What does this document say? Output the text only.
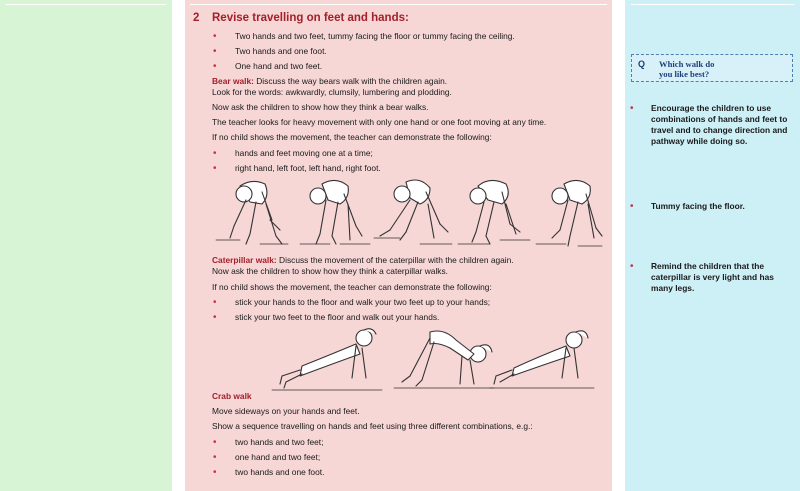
2 Revise travelling on feet and hands:
• Two hands and two feet, tummy facing the floor or tummy facing the ceiling.
• Two hands and one foot.
• One hand and two feet.
Bear walk: Discuss the way bears walk with the children again.
Look for the words: awkwardly, clumsily, lumbering and plodding.
Now ask the children to show how they think a bear walks.
The teacher looks for heavy movement with only one hand or one foot moving at any time.
If no child shows the movement, the teacher can demonstrate the following:
• hands and feet moving one at a time;
• right hand, left foot, left hand, right foot.
Caterpillar walk: Discuss the movement of the caterpillar with the children again.
Now ask the children to show how they think a caterpillar walks.
If no child shows the movement, the teacher can demonstrate the following:
• stick your hands to the floor and walk your two feet up to your hands;
• stick your two feet to the floor and walk out your hands.
Crab walk
Move sideways on your hands and feet.
Show a sequence travelling on hands and feet using three different combinations, e.g.:
• two hands and two feet;
• one hand and two feet;
• two hands and one foot.
Q Which walk do
you like best?
• Encourage the children to use
combinations of hands and feet to
travel and to change direction and
pathway while doing so.
• Tummy facing the floor.
• Remind the children that the
caterpillar is very light and has
many legs.
